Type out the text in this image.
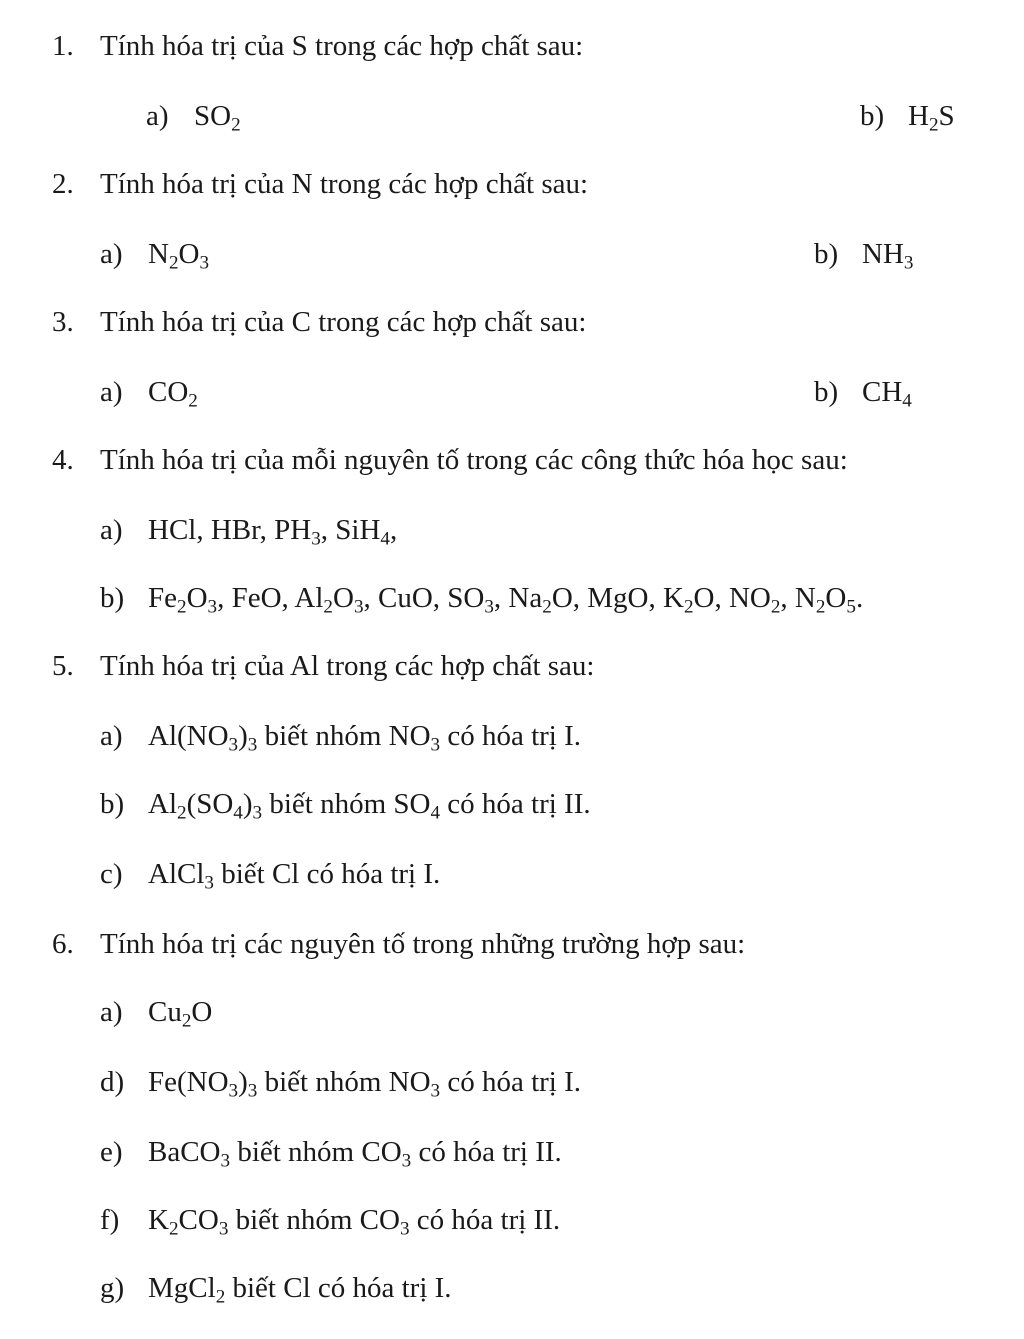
1. Tính hóa trị của S trong các hợp chất sau:
a) $SO_2$	b) $H_2S$
2. Tính hóa trị của N trong các hợp chất sau:
a) $N_2O_3$	b) $NH_3$
3. Tính hóa trị của C trong các hợp chất sau:
a) $CO_2$	b) $CH_4$
4. Tính hóa trị của mỗi nguyên tố trong các công thức hóa học sau:
a) HCl, HBr, $PH_3$, SiH$_4$,
b) $Fe_2O_3$, FeO, $Al_2O_3$, CuO, $SO_3$, $Na_2O$, MgO, $K_2O$, $NO_2$, $N_2O_5$.
5. Tính hóa trị của Al trong các hợp chất sau:
a) $Al(NO_3)_3$ biết nhóm $NO_3$ có hóa trị I.
b) $Al_2(SO_4)_3$ biết nhóm $SO_4$ có hóa trị II.
c) AlCl$_3$ biết Cl có hóa trị I.
6. Tính hóa trị các nguyên tố trong những trường hợp sau:
a) $Cu_2O$
d) $Fe(NO_3)_3$ biết nhóm $NO_3$ có hóa trị I.
e) BaCO$_3$ biết nhóm $CO_3$ có hóa trị II.
f) $K_2CO_3$ biết nhóm $CO_3$ có hóa trị II.
g) MgCl$_2$ biết Cl có hóa trị I.
